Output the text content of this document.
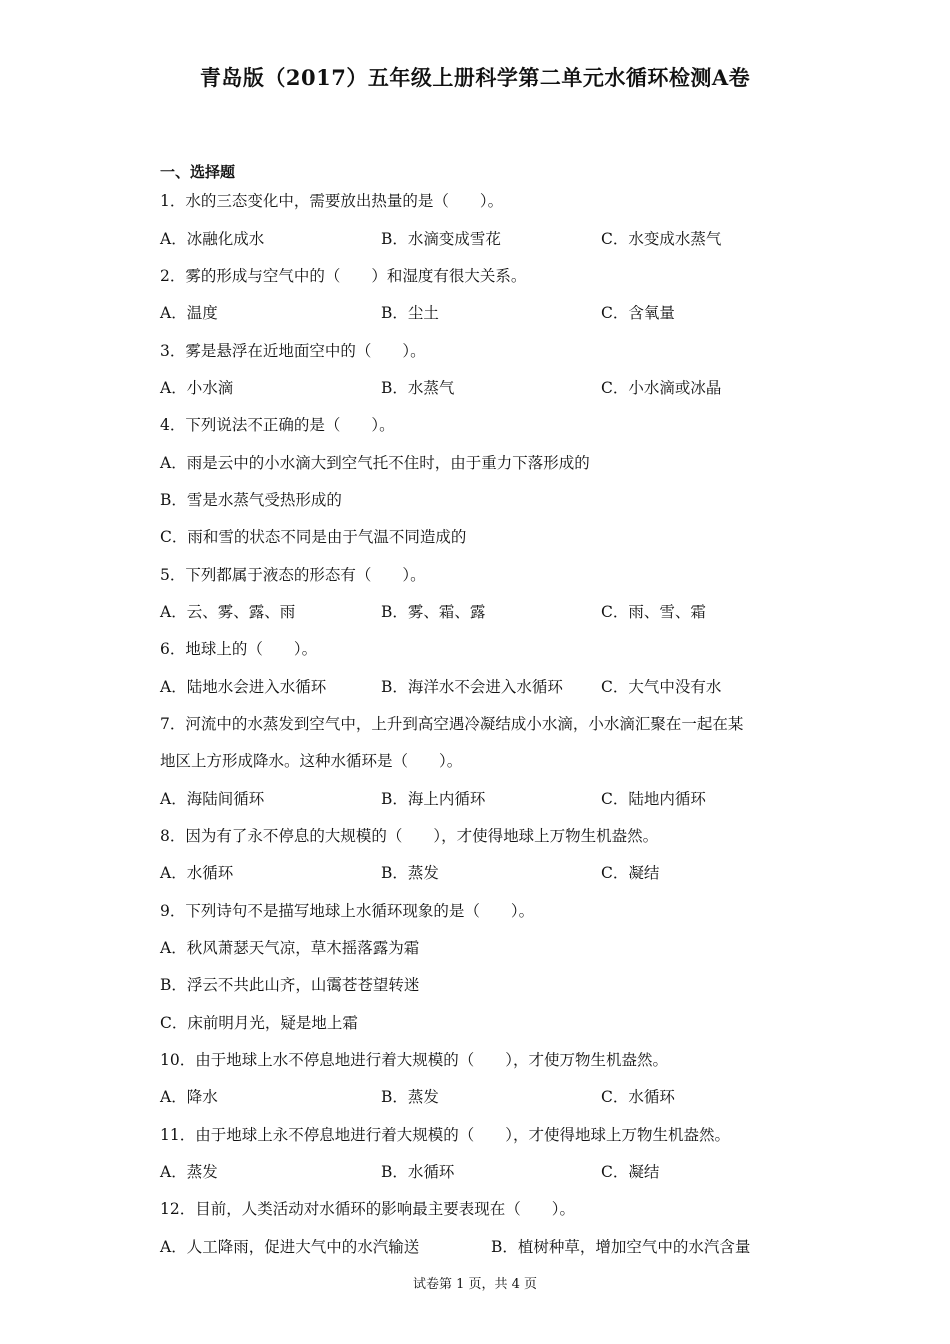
青岛版（2017）五年级上册科学第二单元水循环检测A卷
一、选择题
1．水的三态变化中，需要放出热量的是（　　）。
A．冰融化成水	B．水滴变成雪花	C．水变成水蒸气
2．雾的形成与空气中的（　　）和湿度有很大关系。
A．温度	B．尘土	C．含氧量
3．雾是悬浮在近地面空中的（　　）。
A．小水滴	B．水蒸气	C．小水滴或冰晶
4．下列说法不正确的是（　　）。
A．雨是云中的小水滴大到空气托不住时，由于重力下落形成的
B．雪是水蒸气受热形成的
C．雨和雪的状态不同是由于气温不同造成的
5．下列都属于液态的形态有（　　）。
A．云、雾、露、雨	B．雾、霜、露	C．雨、雪、霜
6．地球上的（　　）。
A．陆地水会进入水循环	B．海洋水不会进入水循环 C．大气中没有水
7．河流中的水蒸发到空气中，上升到高空遇冷凝结成小水滴，小水滴汇聚在一起在某
地区上方形成降水。这种水循环是（　　）。
A．海陆间循环	B．海上内循环	C．陆地内循环
8．因为有了永不停息的大规模的（　　），才使得地球上万物生机盎然。
A．水循环	B．蒸发	C．凝结
9．下列诗句不是描写地球上水循环现象的是（　　）。
A．秋风萧瑟天气凉，草木摇落露为霜
B．浮云不共此山齐，山霭苍苍望转迷
C．床前明月光，疑是地上霜
10．由于地球上水不停息地进行着大规模的（　　），才使万物生机盎然。
A．降水	B．蒸发	C．水循环
11．由于地球上永不停息地进行着大规模的（　　），才使得地球上万物生机盎然。
A．蒸发	B．水循环	C．凝结
12．目前，人类活动对水循环的影响最主要表现在（　　）。
A．人工降雨，促进大气中的水汽输送	B．植树种草，增加空气中的水汽含量
试卷第 1 页，共 4 页
